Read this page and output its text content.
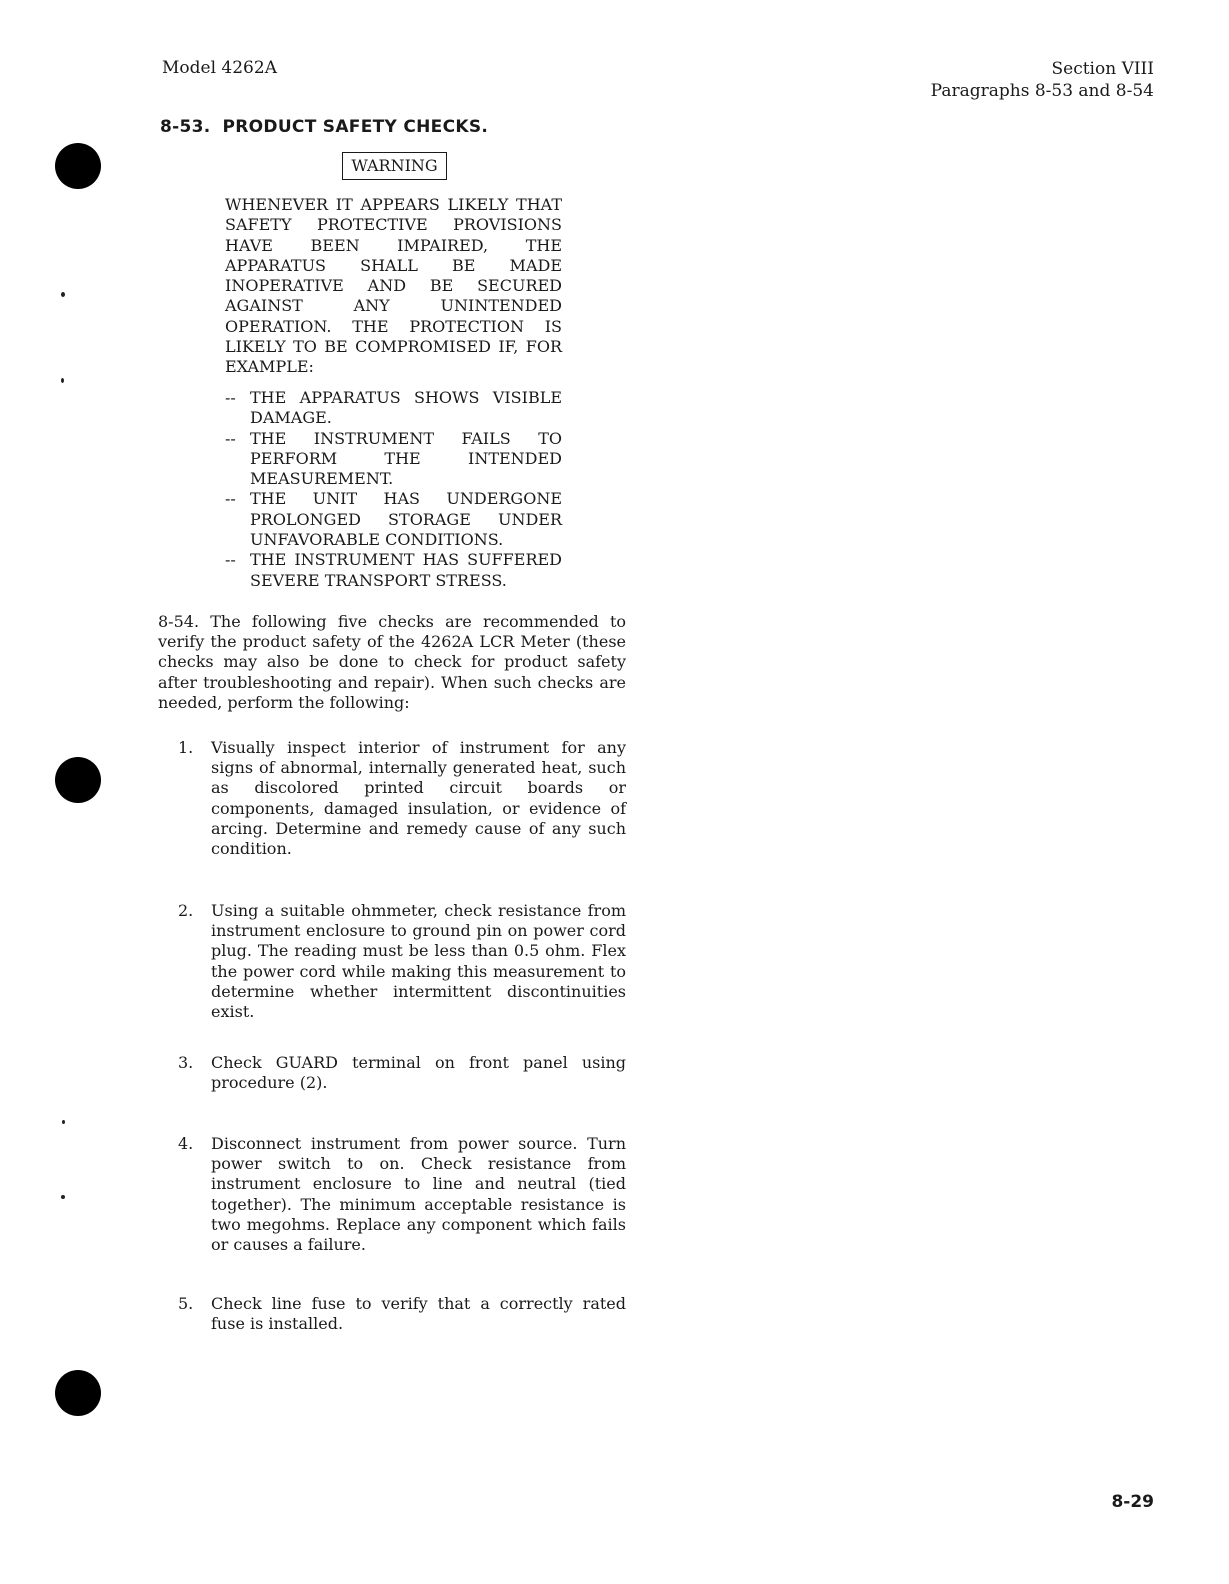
Model 4262A	Section VIII
Paragraphs 8-53 and 8-54
8-53. PRODUCT SAFETY CHECKS.
WARNING
WHENEVER IT APPEARS LIKELY THAT SAFETY PROTECTIVE PROVISIONS HAVE BEEN IMPAIRED, THE APPARATUS SHALL BE MADE INOPERATIVE AND BE SECURED AGAINST ANY UNINTENDED OPERATION. THE PROTECTION IS LIKELY TO BE COMPROMISED IF, FOR EXAMPLE:
-- THE APPARATUS SHOWS VISIBLE DAMAGE.
-- THE INSTRUMENT FAILS TO PERFORM THE INTENDED MEASUREMENT.
-- THE UNIT HAS UNDERGONE PROLONGED STORAGE UNDER UNFAVORABLE CONDITIONS.
-- THE INSTRUMENT HAS SUFFERED SEVERE TRANSPORT STRESS.
8-54. The following five checks are recommended to verify the product safety of the 4262A LCR Meter (these checks may also be done to check for product safety after troubleshooting and repair). When such checks are needed, perform the following:
1.	Visually inspect interior of instrument for any signs of abnormal, internally generated heat, such as discolored printed circuit boards or components, damaged insulation, or evidence of arcing. Determine and remedy cause of any such condition.
2.	Using a suitable ohmmeter, check resistance from instrument enclosure to ground pin on power cord plug. The reading must be less than 0.5 ohm. Flex the power cord while making this measurement to determine whether intermittent discontinuities exist.
3.	Check GUARD terminal on front panel using procedure (2).
4.	Disconnect instrument from power source. Turn power switch to on. Check resistance from instrument enclosure to line and neutral (tied together). The minimum acceptable resistance is two megohms. Replace any component which fails or causes a failure.
5.	Check line fuse to verify that a correctly rated fuse is installed.
8-29
